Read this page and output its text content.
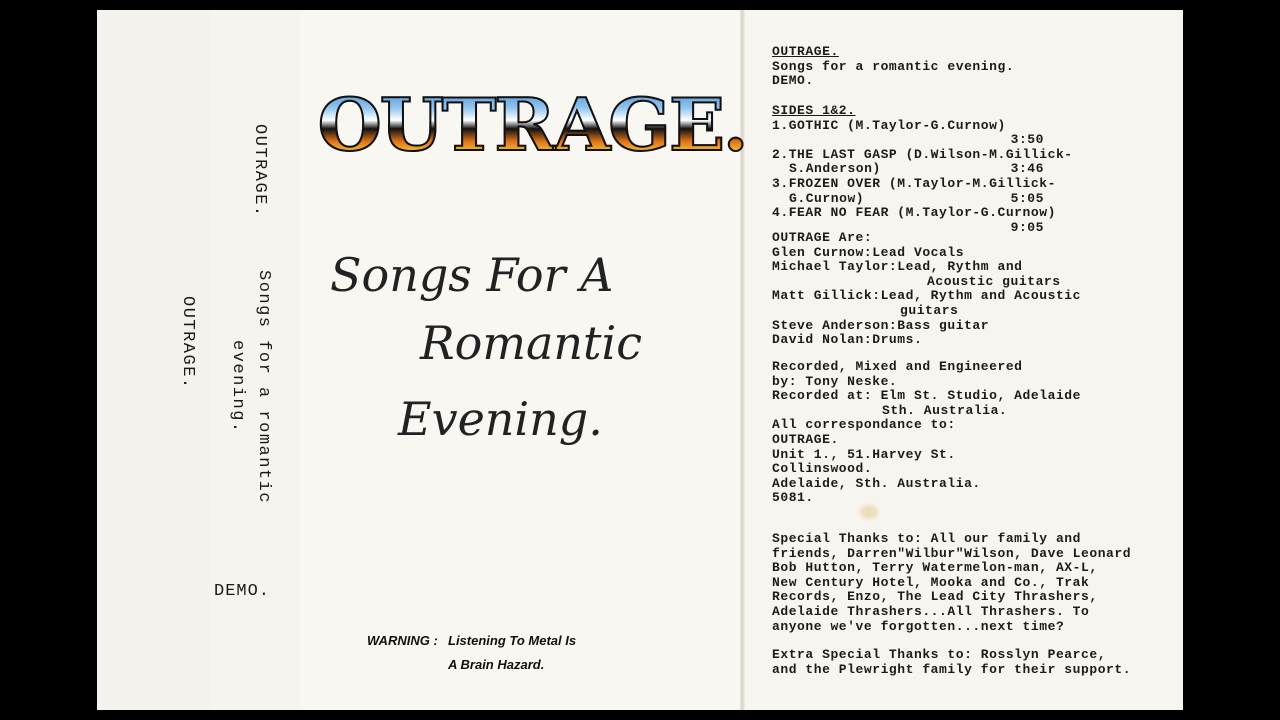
OUTRAGE.
OUTRAGE.
Songs for a romantic
evening.
DEMO.
OUTRAGE.
Songs For A
Romantic
Evening.
WARNING : Listening To Metal Is
A Brain Hazard.
OUTRAGE.
Songs for a romantic evening.
DEMO.
SIDES 1&2.
1.GOTHIC (M.Taylor-G.Curnow)
3:50
2.THE LAST GASP (D.Wilson-M.Gillick-
S.Anderson)	3:46
3.FROZEN OVER (M.Taylor-M.Gillick-
G.Curnow)	5:05
4.FEAR NO FEAR (M.Taylor-G.Curnow)
9:05
OUTRAGE Are:
Glen Curnow:Lead Vocals
Michael Taylor:Lead, Rythm and
Acoustic guitars
Matt Gillick:Lead, Rythm and Acoustic
guitars
Steve Anderson:Bass guitar
David Nolan:Drums.
Recorded, Mixed and Engineered
by: Tony Neske.
Recorded at: Elm St. Studio, Adelaide
Sth. Australia.
All correspondance to:
OUTRAGE.
Unit 1., 51.Harvey St.
Collinswood.
Adelaide, Sth. Australia.
5081.
Special Thanks to: All our family and
friends, Darren"Wilbur"Wilson, Dave Leonard
Bob Hutton, Terry Watermelon-man, AX-L,
New Century Hotel, Mooka and Co., Trak
Records, Enzo, The Lead City Thrashers,
Adelaide Thrashers...All Thrashers. To
anyone we've forgotten...next time?
Extra Special Thanks to: Rosslyn Pearce,
and the Plewright family for their support.
